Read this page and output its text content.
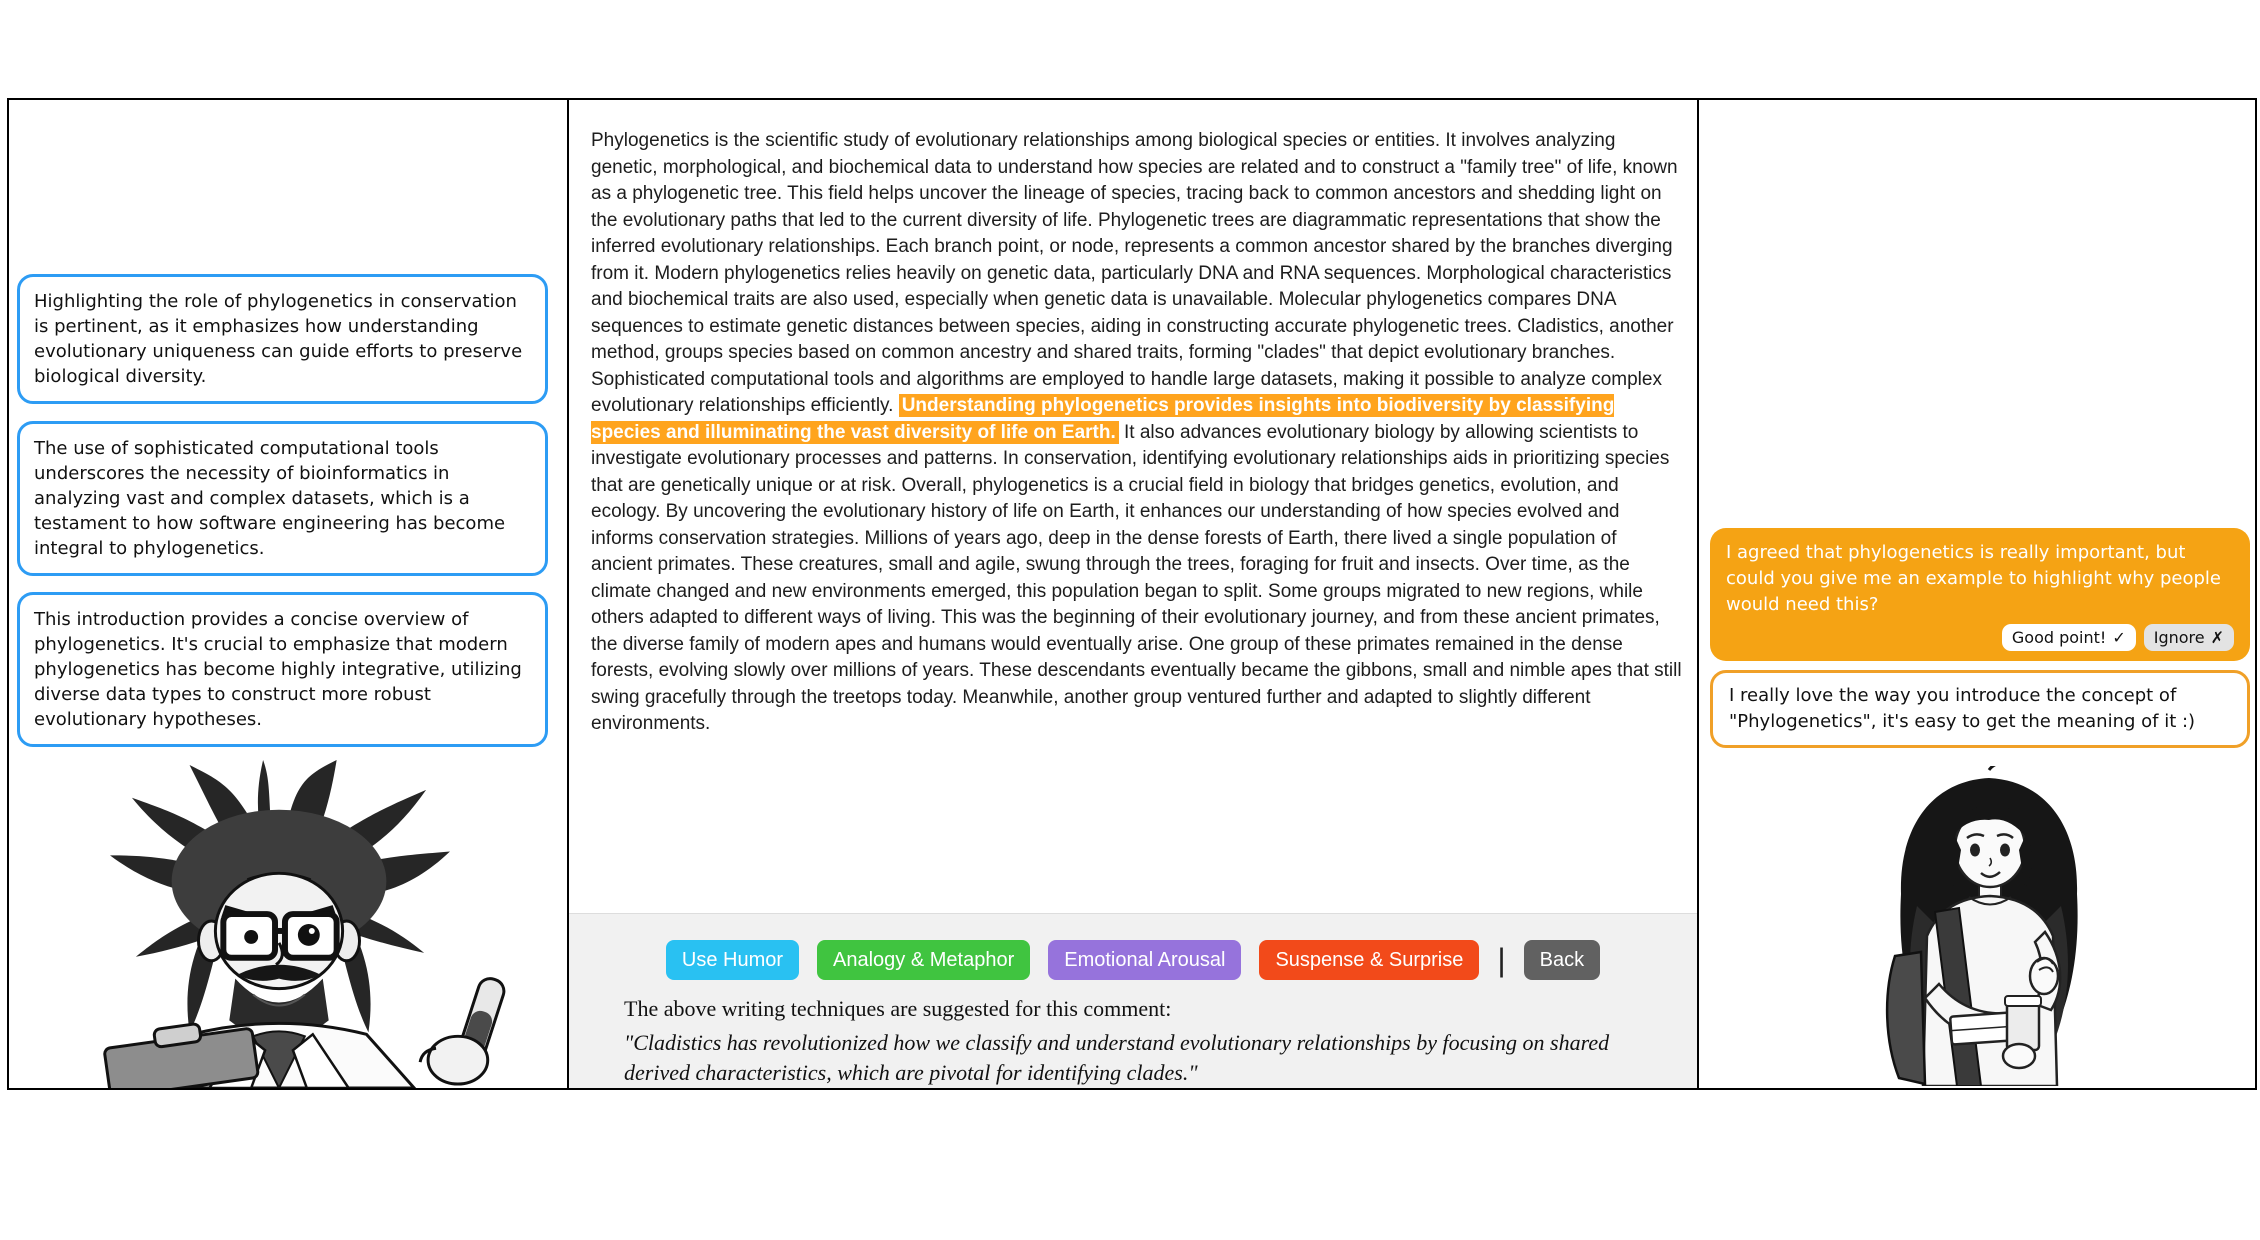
Highlighting the role of phylogenetics in conservation is pertinent, as it emphasizes how understanding evolutionary uniqueness can guide efforts to preserve biological diversity.
The use of sophisticated computational tools underscores the necessity of bioinformatics in analyzing vast and complex datasets, which is a testament to how software engineering has become integral to phylogenetics.
This introduction provides a concise overview of phylogenetics. It's crucial to emphasize that modern phylogenetics has become highly integrative, utilizing diverse data types to construct more robust evolutionary hypotheses.

Phylogenetics is the scientific study of evolutionary relationships among biological species or entities. It involves analyzing genetic, morphological, and biochemical data to understand how species are related and to construct a "family tree" of life, known as a phylogenetic tree. This field helps uncover the lineage of species, tracing back to common ancestors and shedding light on the evolutionary paths that led to the current diversity of life. Phylogenetic trees are diagrammatic representations that show the inferred evolutionary relationships. Each branch point, or node, represents a common ancestor shared by the branches diverging from it. Modern phylogenetics relies heavily on genetic data, particularly DNA and RNA sequences. Morphological characteristics and biochemical traits are also used, especially when genetic data is unavailable. Molecular phylogenetics compares DNA sequences to estimate genetic distances between species, aiding in constructing accurate phylogenetic trees. Cladistics, another method, groups species based on common ancestry and shared traits, forming "clades" that depict evolutionary branches. Sophisticated computational tools and algorithms are employed to handle large datasets, making it possible to analyze complex evolutionary relationships efficiently. Understanding phylogenetics provides insights into biodiversity by classifying species and illuminating the vast diversity of life on Earth. It also advances evolutionary biology by allowing scientists to investigate evolutionary processes and patterns. In conservation, identifying evolutionary relationships aids in prioritizing species that are genetically unique or at risk. Overall, phylogenetics is a crucial field in biology that bridges genetics, evolution, and ecology. By uncovering the evolutionary history of life on Earth, it enhances our understanding of how species evolved and informs conservation strategies. Millions of years ago, deep in the dense forests of Earth, there lived a single population of ancient primates. These creatures, small and agile, swung through the trees, foraging for fruit and insects. Over time, as the climate changed and new environments emerged, this population began to split. Some groups migrated to new regions, while others adapted to different ways of living. This was the beginning of their evolutionary journey, and from these ancient primates, the diverse family of modern apes and humans would eventually arise. One group of these primates remained in the dense forests, evolving slowly over millions of years. These descendants eventually became the gibbons, small and nimble apes that still swing gracefully through the treetops today. Meanwhile, another group ventured further and adapted to slightly different environments.

Use Humor	Analogy & Metaphor	Emotional Arousal	Suspense & Surprise	|	Back
The above writing techniques are suggested for this comment:
"Cladistics has revolutionized how we classify and understand evolutionary relationships by focusing on shared derived characteristics, which are pivotal for identifying clades."
I agreed that phylogenetics is really important, but could you give me an example to highlight why people would need this?
Good point! ✓ Ignore ✗
I really love the way you introduce the concept of "Phylogenetics", it's easy to get the meaning of it :)
